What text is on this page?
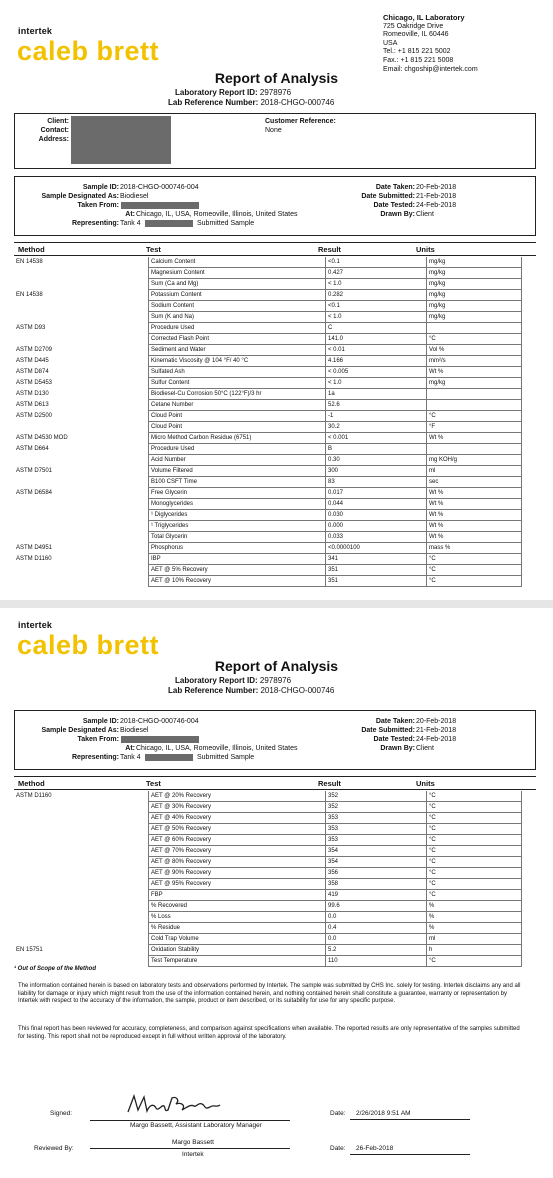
intertek
caleb brett
Chicago, IL Laboratory
725 Oakridge Drive
Romeoville, IL 60446
USA
Tel.: +1 815 221 5002
Fax.: +1 815 221 5008
Email: chgoship@intertek.com
Report of Analysis
Laboratory Report ID: 2978976
Lab Reference Number: 2018-CHGO-000746
Client:
Contact:
Address:
Customer Reference:
None
Sample ID: 2018-CHGO-000746-004
Sample Designated As: Biodiesel
Taken From:
At: Chicago, IL, USA, Romeoville, Illinois, United States
Representing: Tank 4	Submitted Sample
Date Taken: 20-Feb-2018
Date Submitted: 21-Feb-2018
Date Tested: 24-Feb-2018
Drawn By: Client
Method	Test	Result	Units
EN 14538	Calcium Content	<0.1	mg/kg
	Magnesium Content	0.427	mg/kg
	Sum (Ca and Mg)	< 1.0	mg/kg
EN 14538	Potassium Content	0.282	mg/kg
	Sodium Content	<0.1	mg/kg
	Sum (K and Na)	< 1.0	mg/kg
ASTM D93	Procedure Used	C	
	Corrected Flash Point	141.0	°C
ASTM D2709	Sediment and Water	< 0.01	Vol %
ASTM D445	Kinematic Viscosity @ 104 °F/ 40 °C	4.166	mm²/s
ASTM D874	Sulfated Ash	< 0.005	Wt %
ASTM D5453	Sulfur Content	< 1.0	mg/kg
ASTM D130	Biodiesel-Cu Corrosion 50°C (122°F)/3 hr	1a	
ASTM D613	Cetane Number	52.6	
ASTM D2500	Cloud Point	-1	°C
	Cloud Point	30.2	°F
ASTM D4530 MOD	Micro Method Carbon Residue (6751)	< 0.001	Wt %
ASTM D664	Procedure Used	B	
	Acid Number	0.30	mg KOH/g
ASTM D7501	Volume Filtered	300	ml
	B100 CSFT Time	83	sec
ASTM D6584	Free Glycerin	0.017	Wt %
	Monoglycerides	0.044	Wt %
	¹ Diglycerides	0.030	Wt %
	¹ Triglycerides	0.000	Wt %
	Total Glycerin	0.033	Wt %
ASTM D4951	Phosphorus	<0.0000100	mass %
ASTM D1160	IBP	341	°C
	AET @ 5% Recovery	351	°C
	AET @ 10% Recovery	351	°C
intertek
caleb brett
Report of Analysis
Laboratory Report ID: 2978976
Lab Reference Number: 2018-CHGO-000746
Sample ID: 2018-CHGO-000746-004
Sample Designated As: Biodiesel
Taken From:
At: Chicago, IL, USA, Romeoville, Illinois, United States
Representing: Tank 4	Submitted Sample
Date Taken: 20-Feb-2018
Date Submitted: 21-Feb-2018
Date Tested: 24-Feb-2018
Drawn By: Client
Method	Test	Result	Units
ASTM D1160	AET @ 20% Recovery	352	°C
	AET @ 30% Recovery	352	°C
	AET @ 40% Recovery	353	°C
	AET @ 50% Recovery	353	°C
	AET @ 60% Recovery	353	°C
	AET @ 70% Recovery	354	°C
	AET @ 80% Recovery	354	°C
	AET @ 90% Recovery	356	°C
	AET @ 95% Recovery	358	°C
	FBP	419	°C
	% Recovered	99.6	%
	% Loss	0.0	%
	% Residue	0.4	%
	Cold Trap Volume	0.0	ml
EN 15751	Oxidation Stability	5.2	h
	Test Temperature	110	°C
¹ Out of Scope of the Method
The information contained herein is based on laboratory tests and observations performed by Intertek. The sample was submitted by CHS Inc. solely for testing. Intertek disclaims any and all liability for damage or injury which might result from the use of the information contained herein, and nothing contained herein shall constitute a guarantee, warranty or representation by Intertek with respect to the accuracy of the information, the sample, product or item described, or its suitability for use for any specific purpose.
This final report has been reviewed for accuracy, completeness, and comparison against specifications when available. The reported results are only representative of the samples submitted for testing. This report shall not be reproduced except in full without written approval of the laboratory.
Signed:
Margo Bassett, Assistant Laboratory Manager
Date: 2/26/2018 9:51 AM
Reviewed By:
Margo Bassett
Intertek
Date: 26-Feb-2018
